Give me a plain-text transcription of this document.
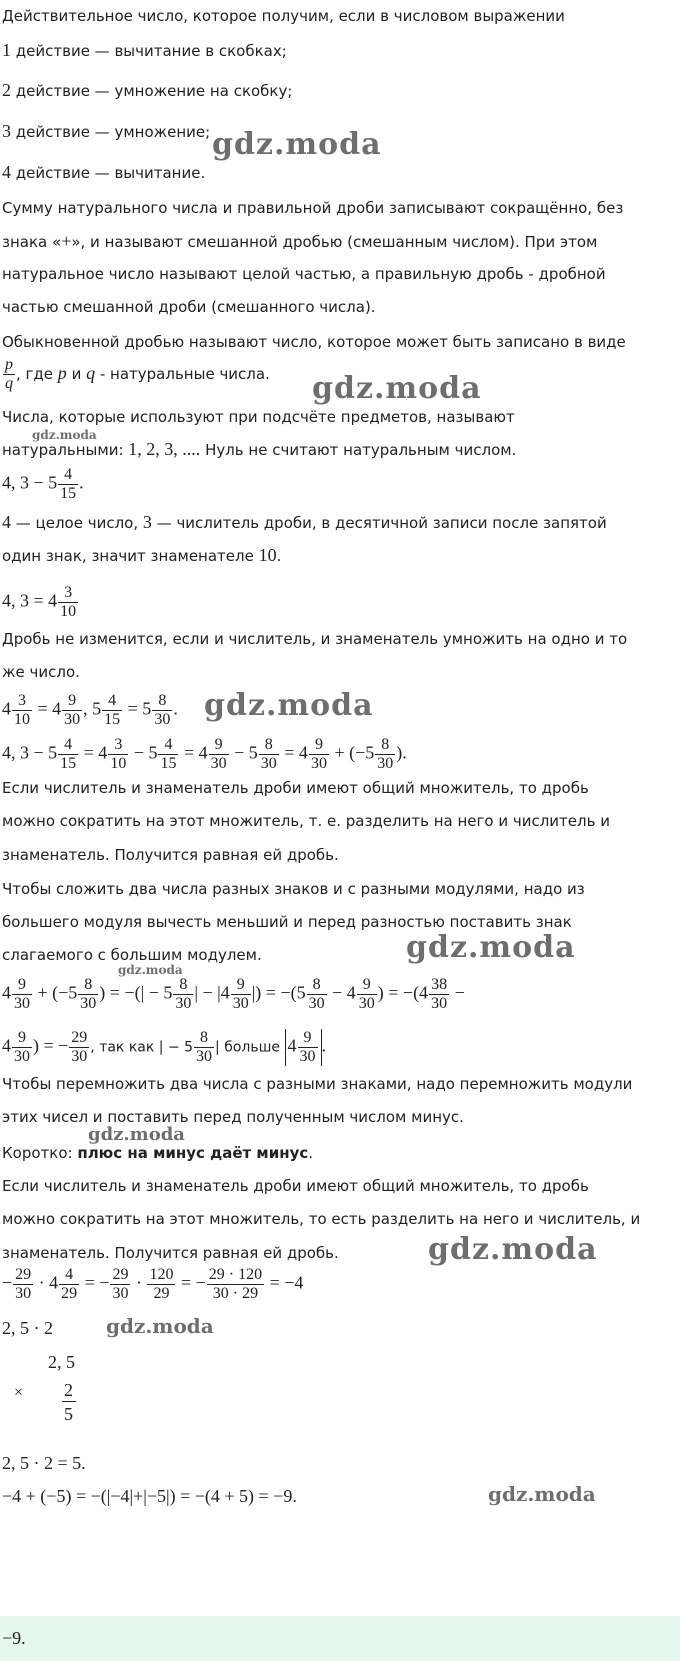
Действительное число, которое получим, если в числовом выражении
1 действие — вычитание в скобках;
2 действие — умножение на скобку;
3 действие — умножение;
4 действие — вычитание.
Сумму натурального числа и правильной дроби записывают сокращённо, без
знака «+», и называют смешанной дробью (смешанным числом). При этом
натуральное число называют целой частью, а правильную дробь - дробной
частью смешанной дроби (смешанного числа).
Обыкновенной дробью называют число, которое может быть записано в виде
$\frac{p}{q}$ , где p и q - натуральные числа.
Числа, которые используют при подсчёте предметов, называют
натуральными: 1, 2, 3, .... Нуль не считают натуральным числом.
4, $3 - 5 \frac{4}{15}$ .
4 — целое число, 3 — числитель дроби, в десятичной записи после запятой
один знак, значит знаменателе 10.
4, $3 = 4 \frac{3}{10}$
Дробь не изменится, если и числитель, и знаменатель умножить на одно и то
же число.
$4 \frac{3}{10} = 4 \frac{9}{30}$ , $5 \frac{4}{15} = 5 \frac{8}{30}$ .
4, $3 - 5 \frac{4}{15} = 4 \frac{3}{10} - 5 \frac{4}{15} = 4 \frac{9}{30} - 5 \frac{8}{30} = 4 \frac{9}{30} + (-5 \frac{8}{30}$ ).
Если числитель и знаменатель дроби имеют общий множитель, то дробь
можно сократить на этот множитель, т. е. разделить на него и числитель и
знаменатель. Получится равная ей дробь.
Чтобы сложить два числа разных знаков и с разными модулями, надо из
большего модуля вычесть меньший и перед разностью поставить знак
слагаемого с большим модулем.
$4 \frac{9}{30} + (-5 \frac{8}{30}$ ) = −(| − $5 \frac{8}{30}$ | − $|4 \frac{9}{30}$ |) = $-(5 \frac{8}{30} - 4 \frac{9}{30}$ ) = $-(4 \frac{38}{30}$ −
$4 \frac{9}{30}$ ) = − $\frac{29}{30}$ , так как | − $5 \frac{8}{30}$ | больше $4 \frac{9}{30}$ .
Чтобы перемножить два числа с разными знаками, надо перемножить модули
этих чисел и поставить перед полученным числом минус.
Коротко: плюс на минус даёт минус.
Если числитель и знаменатель дроби имеют общий множитель, то дробь
можно сократить на этот множитель, то есть разделить на него и числитель, и
знаменатель. Получится равная ей дробь.
− $\frac{29}{30} \cdot 4 \frac{4}{29}$ = − $\frac{29}{30} \cdot \frac{120}{29}$ = − $\frac{29 \cdot 120}{30 \cdot 29} = -4$
2, 5 · 2
2, 5
× 2
5
2, 5 · 2 = 5.
−4 + (−5) = −(|−4|+|−5|) = −(4 + 5) = −9.
−9.
gdz.moda
gdz.moda
gdz.moda
gdz.moda
gdz.moda
gdz.moda
gdz.moda
gdz.moda
gdz.moda
gdz.moda
